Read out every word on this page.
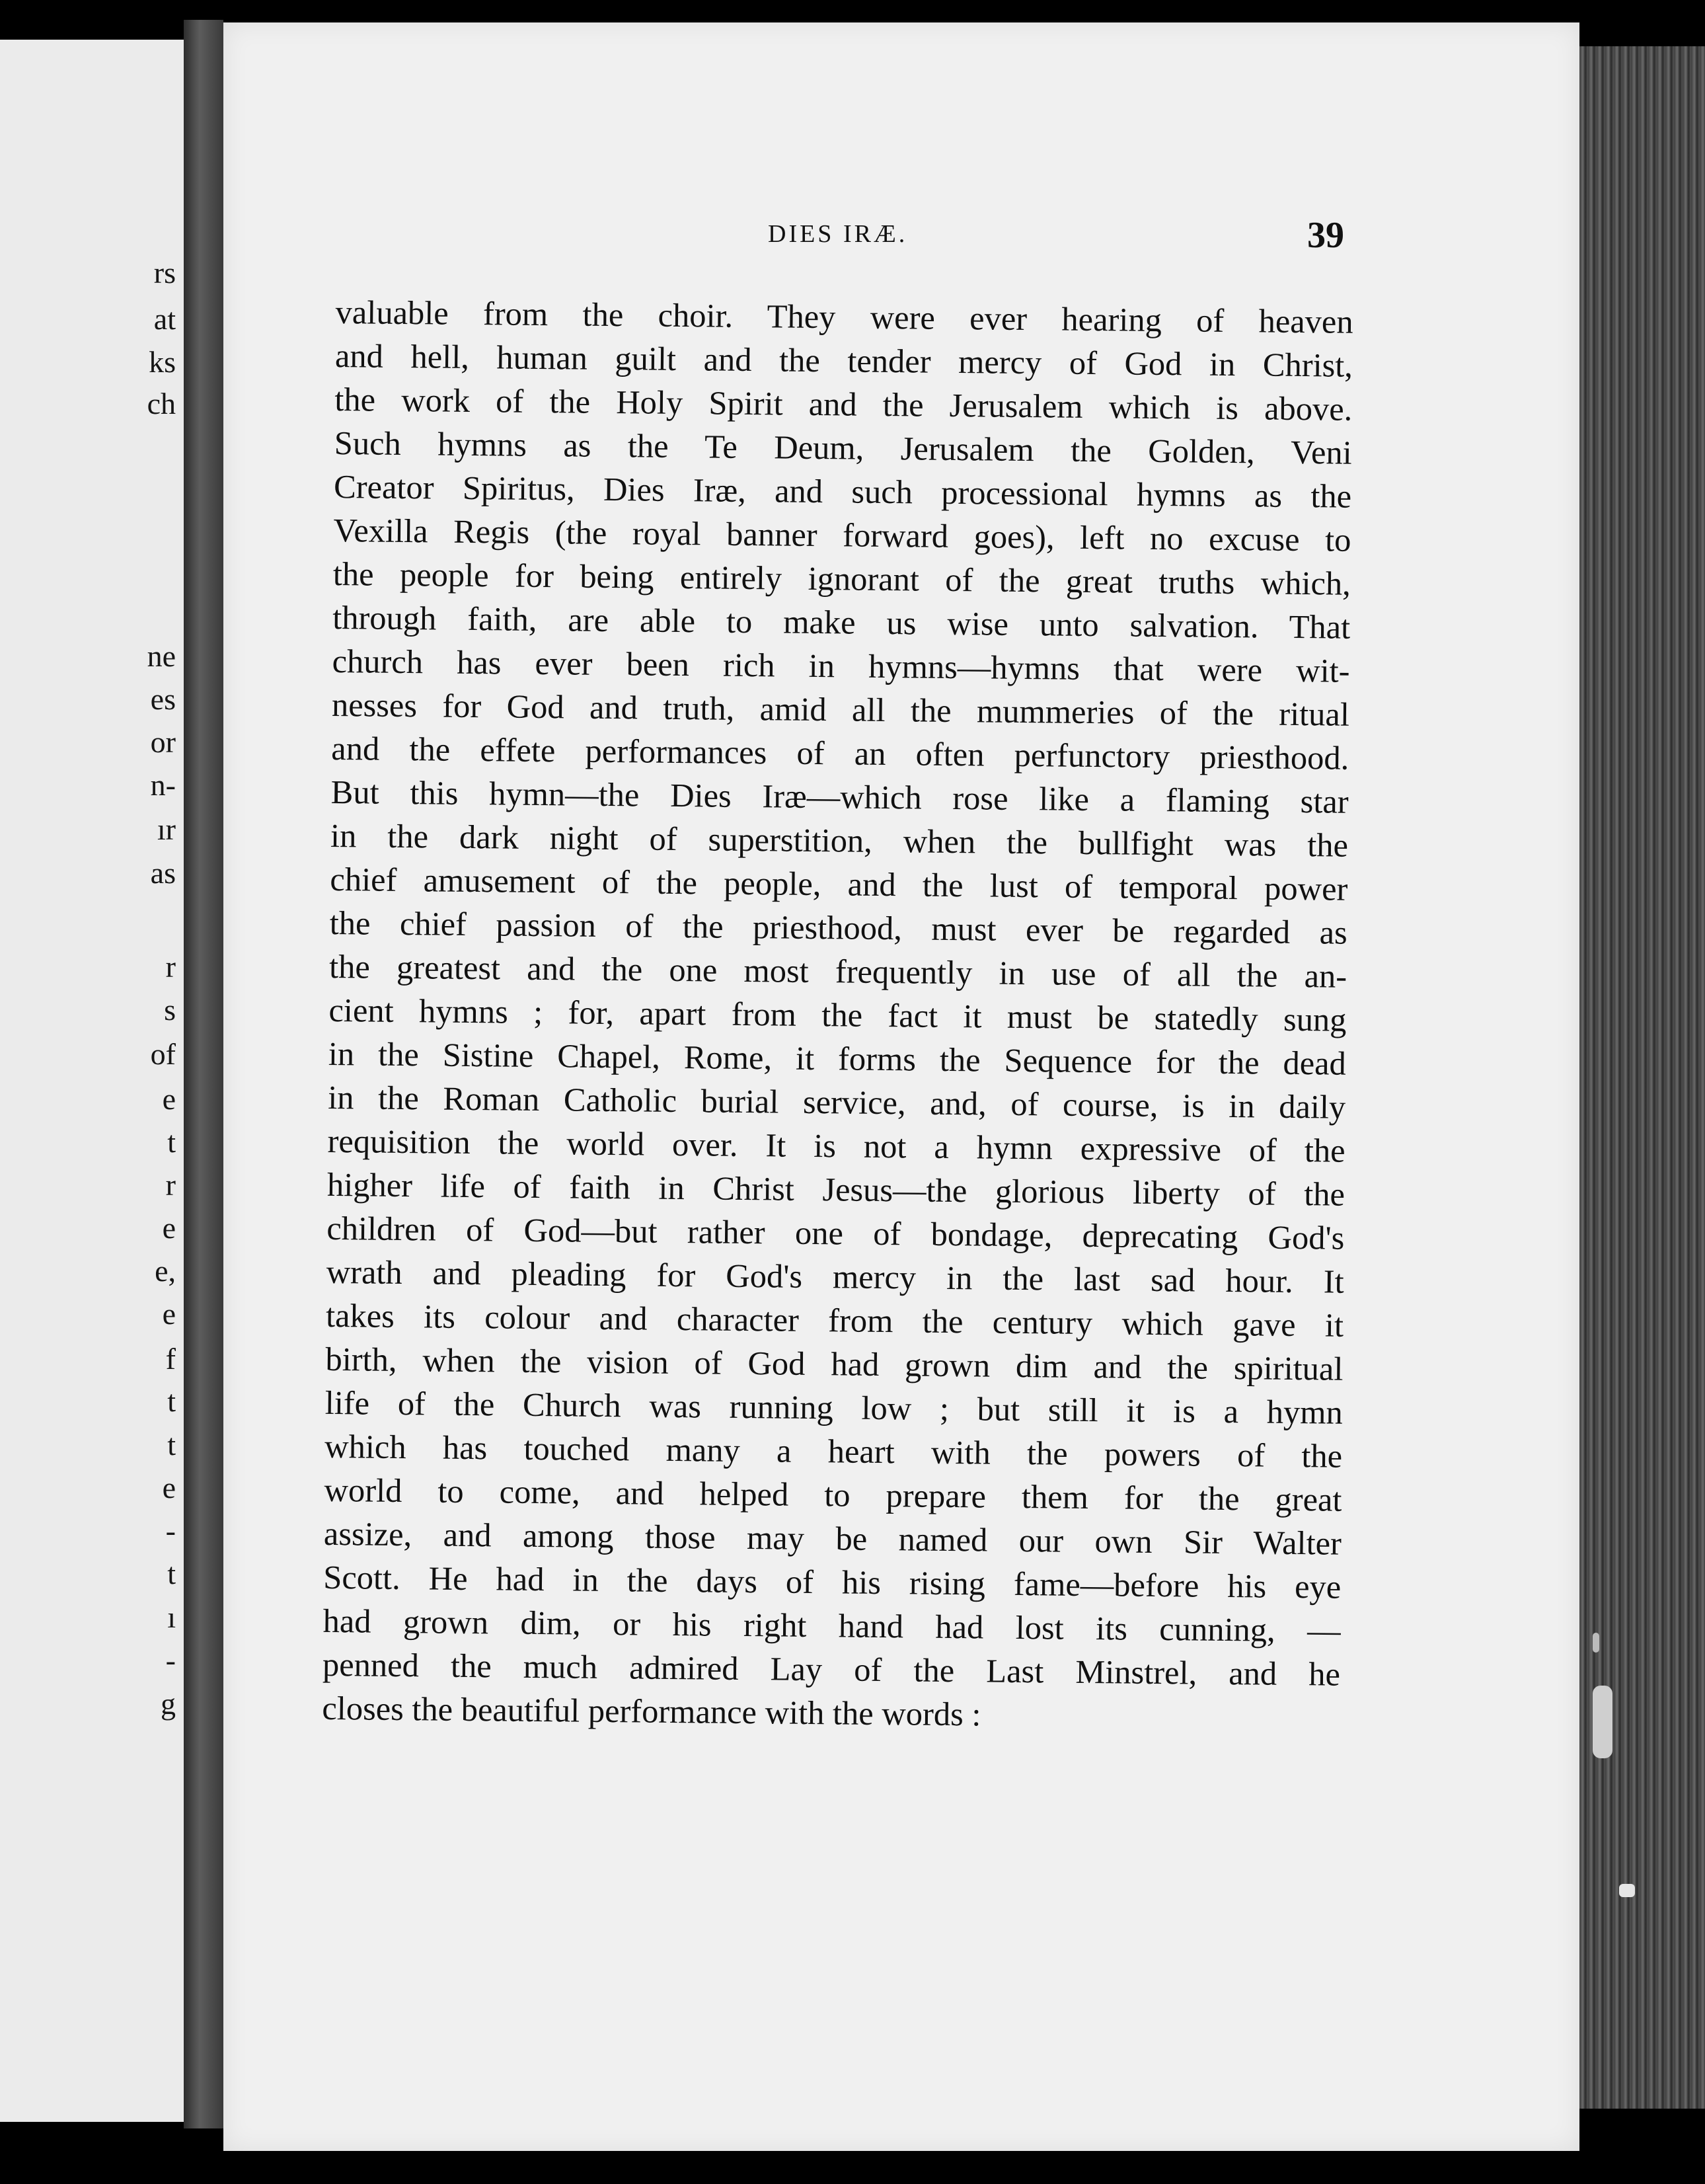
rs
at
ks
ch
ne
es
or
n-
ır
as
r
s
of
e
t
r
e
e,
e
f
t
t
e
-
t
ı
-
g
DIES IRÆ.	39
valuable from the choir. They were ever hearing of heaven
and hell, human guilt and the tender mercy of God in Christ,
the work of the Holy Spirit and the Jerusalem which is above.
Such hymns as the Te Deum, Jerusalem the Golden, Veni
Creator Spiritus, Dies Iræ, and such processional hymns as the
Vexilla Regis (the royal banner forward goes), left no excuse to
the people for being entirely ignorant of the great truths which,
through faith, are able to make us wise unto salvation. That
church has ever been rich in hymns—hymns that were wit-
nesses for God and truth, amid all the mummeries of the ritual
and the effete performances of an often perfunctory priesthood.
But this hymn—the Dies Iræ—which rose like a flaming star
in the dark night of superstition, when the bullfight was the
chief amusement of the people, and the lust of temporal power
the chief passion of the priesthood, must ever be regarded as
the greatest and the one most frequently in use of all the an-
cient hymns ; for, apart from the fact it must be statedly sung
in the Sistine Chapel, Rome, it forms the Sequence for the dead
in the Roman Catholic burial service, and, of course, is in daily
requisition the world over. It is not a hymn expressive of the
higher life of faith in Christ Jesus—the glorious liberty of the
children of God—but rather one of bondage, deprecating God's
wrath and pleading for God's mercy in the last sad hour. It
takes its colour and character from the century which gave it
birth, when the vision of God had grown dim and the spiritual
life of the Church was running low ; but still it is a hymn
which has touched many a heart with the powers of the
world to come, and helped to prepare them for the great
assize, and among those may be named our own Sir Walter
Scott. He had in the days of his rising fame—before his eye
had grown dim, or his right hand had lost its cunning, —
penned the much admired Lay of the Last Minstrel, and he
closes the beautiful performance with the words :
